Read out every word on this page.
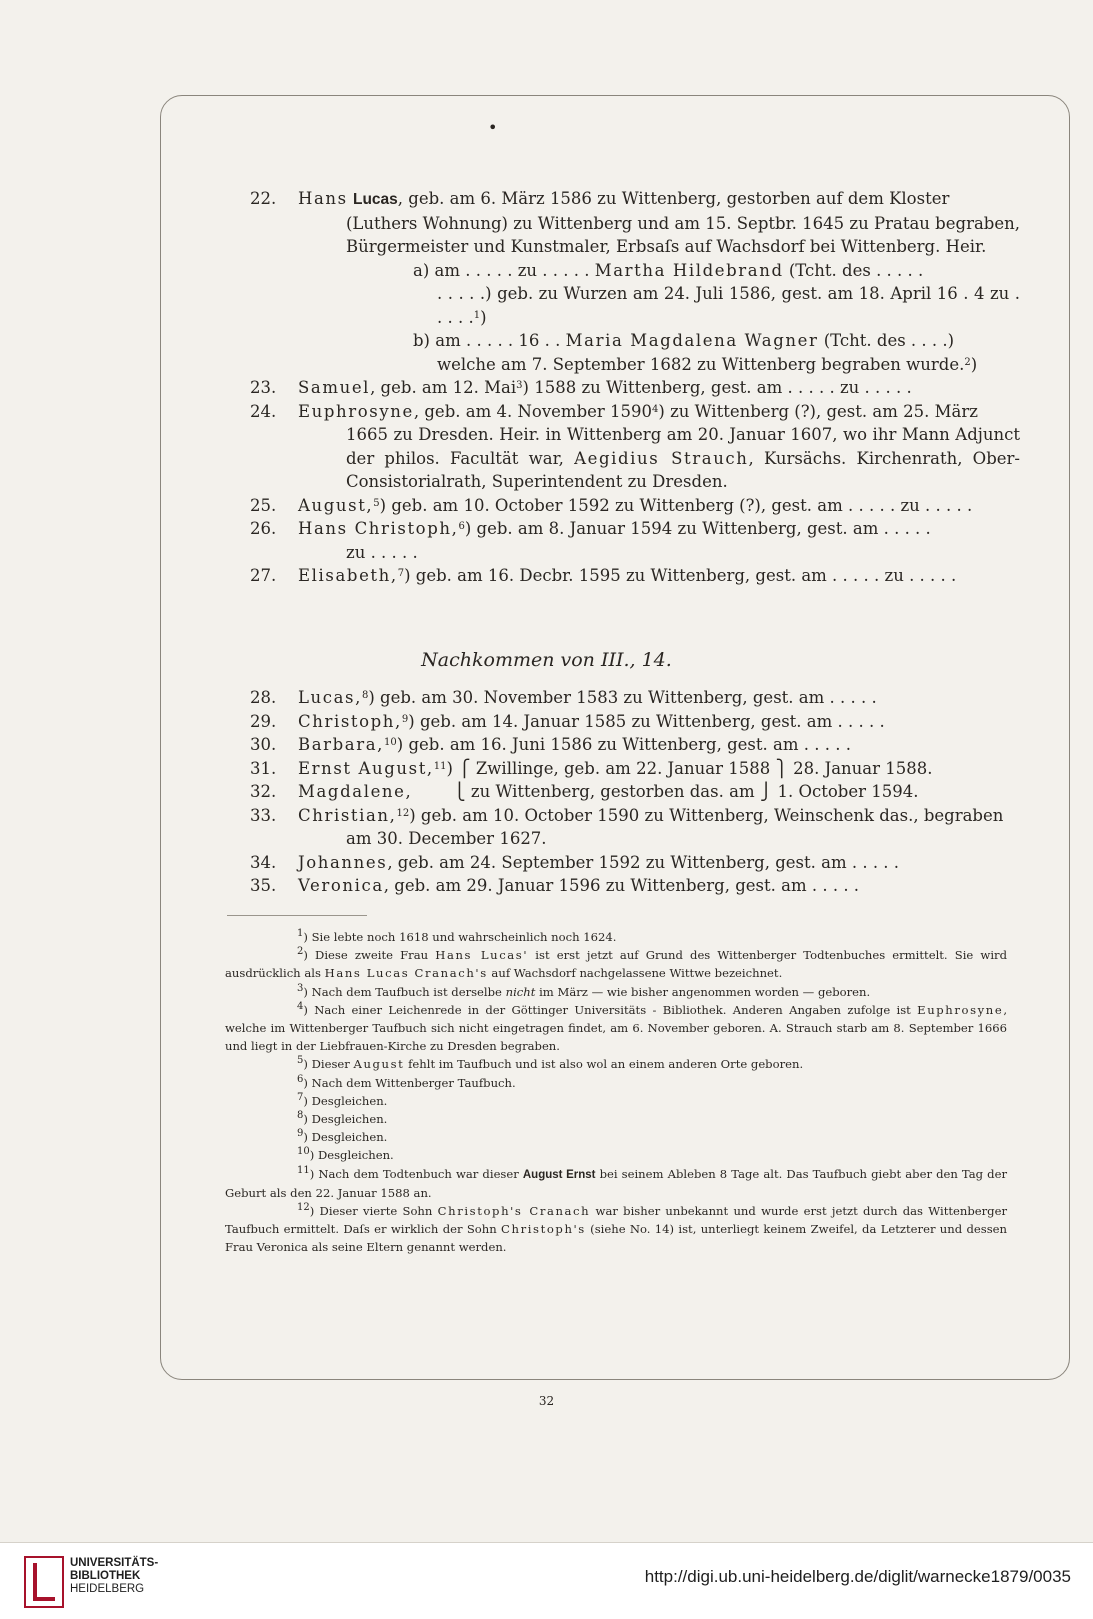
•
22.	Hans Lucas, geb. am 6. März 1586 zu Wittenberg, gestorben auf dem Kloster
(Luthers Wohnung) zu Wittenberg und am 15. Septbr. 1645 zu Pratau begraben, Bürgermeister und Kunstmaler, Erbsaſs auf Wachsdorf bei Wittenberg. Heir.
a) am . . . . . zu . . . . . Martha Hildebrand (Tcht. des . . . . .
. . . . .) geb. zu Wurzen am 24. Juli 1586, gest. am 18. April 16 . 4 zu . . . . .$^1$)
b) am . . . . . 16 . . Maria Magdalena Wagner (Tcht. des . . . .)
welche am 7. September 1682 zu Wittenberg begraben wurde.$^2$)
23.	Samuel, geb. am 12. Mai$^3$) 1588 zu Wittenberg, gest. am . . . . . zu . . . . .
24.	Euphrosyne, geb. am 4. November 1590$^4$) zu Wittenberg (?), gest. am 25. März
1665 zu Dresden. Heir. in Wittenberg am 20. Januar 1607, wo ihr Mann Adjunct der philos. Facultät war, Aegidius Strauch, Kursächs. Kirchenrath, Ober-Consistorialrath, Superintendent zu Dresden.
25.	August,$^5$) geb. am 10. October 1592 zu Wittenberg (?), gest. am . . . . . zu . . . . .
26.	Hans Christoph,$^6$) geb. am 8. Januar 1594 zu Wittenberg, gest. am . . . . .
zu . . . . .
27.	Elisabeth,$^7$) geb. am 16. Decbr. 1595 zu Wittenberg, gest. am . . . . . zu . . . . .
Nachkommen von III., 14.
28.	Lucas,$^8$) geb. am 30. November 1583 zu Wittenberg, gest. am . . . . .
29.	Christoph,$^9$) geb. am 14. Januar 1585 zu Wittenberg, gest. am . . . . .
30.	Barbara,$^{10}$) geb. am 16. Juni 1586 zu Wittenberg, gest. am . . . . .
31.	Ernst August,$^{11}$) ⎧ Zwillinge, geb. am 22. Januar 1588 ⎫ 28. Januar 1588.
32.	Magdalene, ⎩ zu Wittenberg, gestorben das. am ⎭ 1. October 1594.
33.	Christian,$^{12}$) geb. am 10. October 1590 zu Wittenberg, Weinschenk das., begraben
am 30. December 1627.
34.	Johannes, geb. am 24. September 1592 zu Wittenberg, gest. am . . . . .
35.	Veronica, geb. am 29. Januar 1596 zu Wittenberg, gest. am . . . . .

$^1$) Sie lebte noch 1618 und wahrscheinlich noch 1624.

$^2$) Diese zweite Frau Hans Lucas' ist erst jetzt auf Grund des Wittenberger Todtenbuches ermittelt. Sie wird ausdrücklich als Hans Lucas Cranach's auf Wachsdorf nachgelassene Wittwe bezeichnet.

$^3$) Nach dem Taufbuch ist derselbe nicht im März — wie bisher angenommen worden — geboren.

$^4$) Nach einer Leichenrede in der Göttinger Universitäts - Bibliothek. Anderen Angaben zufolge ist Euphrosyne, welche im Wittenberger Taufbuch sich nicht eingetragen findet, am 6. November geboren. A. Strauch starb am 8. September 1666 und liegt in der Liebfrauen-Kirche zu Dresden begraben.

$^5$) Dieser August fehlt im Taufbuch und ist also wol an einem anderen Orte geboren.

$^6$) Nach dem Wittenberger Taufbuch.

$^7$) Desgleichen.

$^8$) Desgleichen.

$^9$) Desgleichen.

$^{10}$) Desgleichen.

$^{11}$) Nach dem Todtenbuch war dieser August Ernst bei seinem Ableben 8 Tage alt. Das Taufbuch giebt aber den Tag der Geburt als den 22. Januar 1588 an.

$^{12}$) Dieser vierte Sohn Christoph's Cranach war bisher unbekannt und wurde erst jetzt durch das Wittenberger Taufbuch ermittelt. Daſs er wirklich der Sohn Christoph's (siehe No. 14) ist, unterliegt keinem Zweifel, da Letzterer und dessen Frau Veronica als seine Eltern genannt werden.

32
UNIVERSITÄTS-
BIBLIOTHEK
HEIDELBERG
http://digi.ub.uni-heidelberg.de/diglit/warnecke1879/0035
